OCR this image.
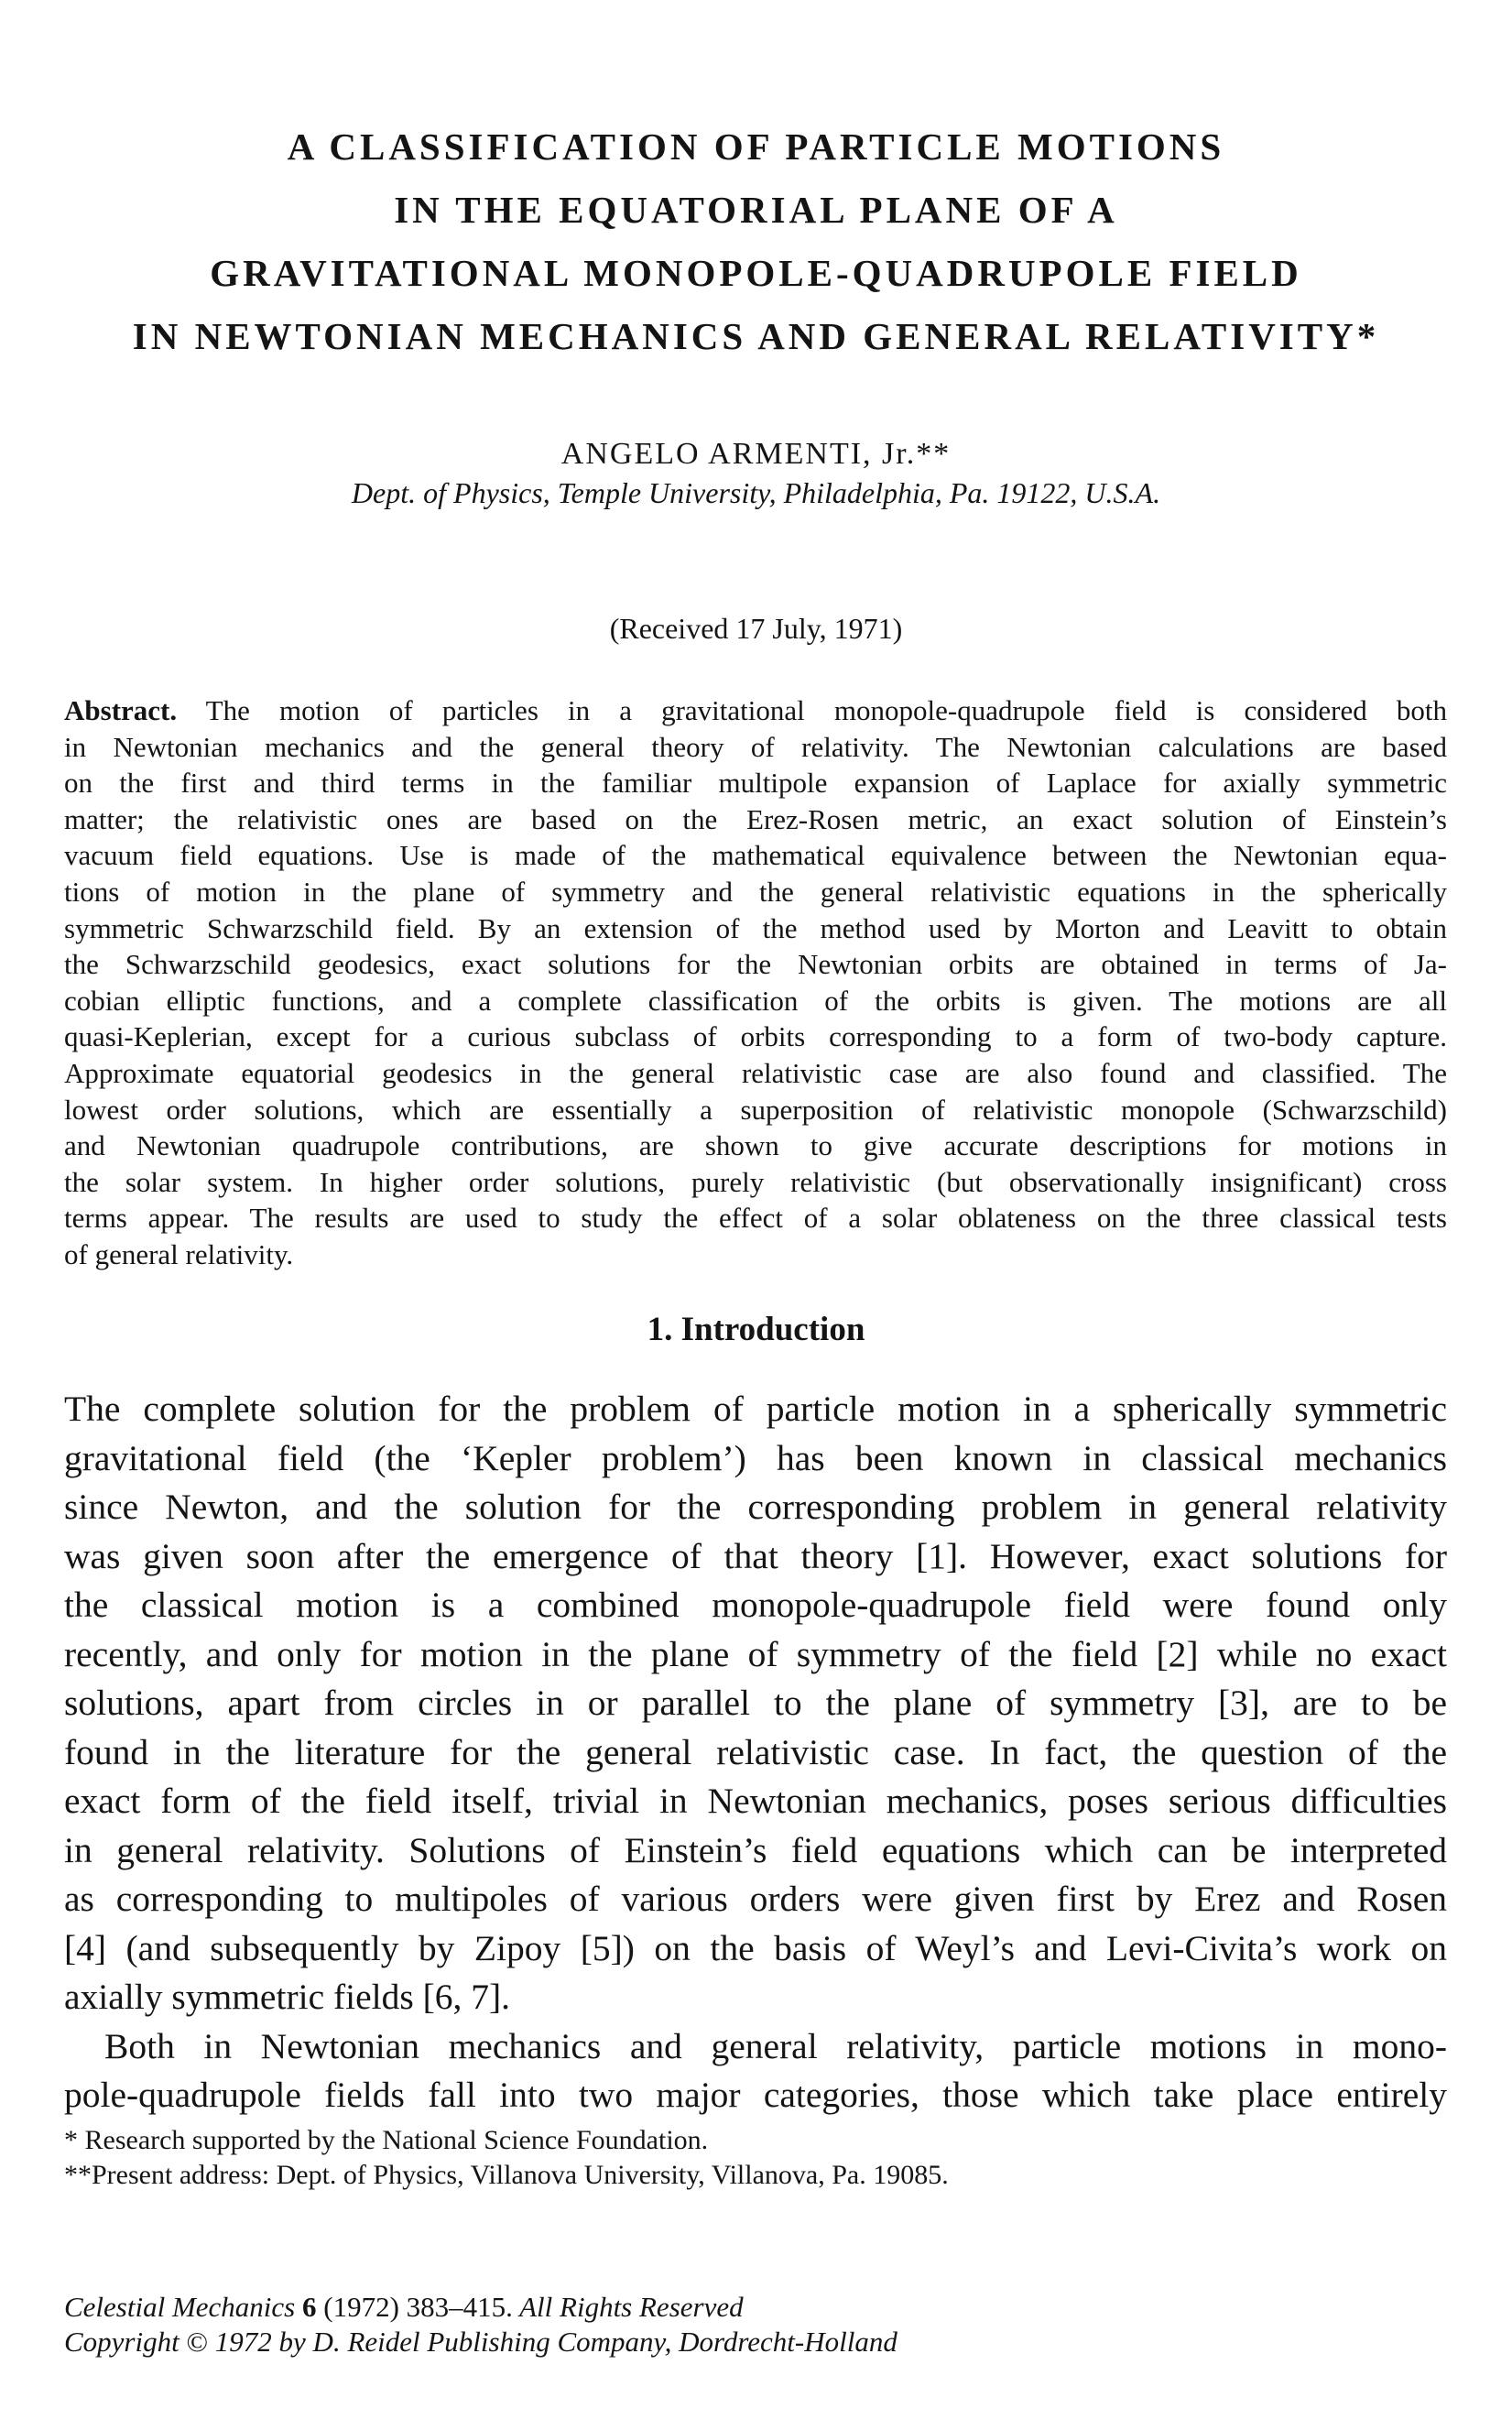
A CLASSIFICATION OF PARTICLE MOTIONS
IN THE EQUATORIAL PLANE OF A
GRAVITATIONAL MONOPOLE-QUADRUPOLE FIELD
IN NEWTONIAN MECHANICS AND GENERAL RELATIVITY*
ANGELO ARMENTI, Jr.**
Dept. of Physics, Temple University, Philadelphia, Pa. 19122, U.S.A.
(Received 17 July, 1971)
Abstract. The motion of particles in a gravitational monopole-quadrupole field is considered both
in Newtonian mechanics and the general theory of relativity. The Newtonian calculations are based
on the first and third terms in the familiar multipole expansion of Laplace for axially symmetric
matter; the relativistic ones are based on the Erez-Rosen metric, an exact solution of Einstein’s
vacuum field equations. Use is made of the mathematical equivalence between the Newtonian equa-
tions of motion in the plane of symmetry and the general relativistic equations in the spherically
symmetric Schwarzschild field. By an extension of the method used by Morton and Leavitt to obtain
the Schwarzschild geodesics, exact solutions for the Newtonian orbits are obtained in terms of Ja-
cobian elliptic functions, and a complete classification of the orbits is given. The motions are all
quasi-Keplerian, except for a curious subclass of orbits corresponding to a form of two-body capture.
Approximate equatorial geodesics in the general relativistic case are also found and classified. The
lowest order solutions, which are essentially a superposition of relativistic monopole (Schwarzschild)
and Newtonian quadrupole contributions, are shown to give accurate descriptions for motions in
the solar system. In higher order solutions, purely relativistic (but observationally insignificant) cross
terms appear. The results are used to study the effect of a solar oblateness on the three classical tests
of general relativity.
1. Introduction
The complete solution for the problem of particle motion in a spherically symmetric
gravitational field (the ‘Kepler problem’) has been known in classical mechanics
since Newton, and the solution for the corresponding problem in general relativity
was given soon after the emergence of that theory [1]. However, exact solutions for
the classical motion is a combined monopole-quadrupole field were found only
recently, and only for motion in the plane of symmetry of the field [2] while no exact
solutions, apart from circles in or parallel to the plane of symmetry [3], are to be
found in the literature for the general relativistic case. In fact, the question of the
exact form of the field itself, trivial in Newtonian mechanics, poses serious difficulties
in general relativity. Solutions of Einstein’s field equations which can be interpreted
as corresponding to multipoles of various orders were given first by Erez and Rosen
[4] (and subsequently by Zipoy [5]) on the basis of Weyl’s and Levi-Civita’s work on
axially symmetric fields [6, 7].
Both in Newtonian mechanics and general relativity, particle motions in mono-
pole-quadrupole fields fall into two major categories, those which take place entirely
* Research supported by the National Science Foundation.
**Present address: Dept. of Physics, Villanova University, Villanova, Pa. 19085.
Celestial Mechanics 6 (1972) 383–415. All Rights Reserved
Copyright © 1972 by D. Reidel Publishing Company, Dordrecht-Holland
